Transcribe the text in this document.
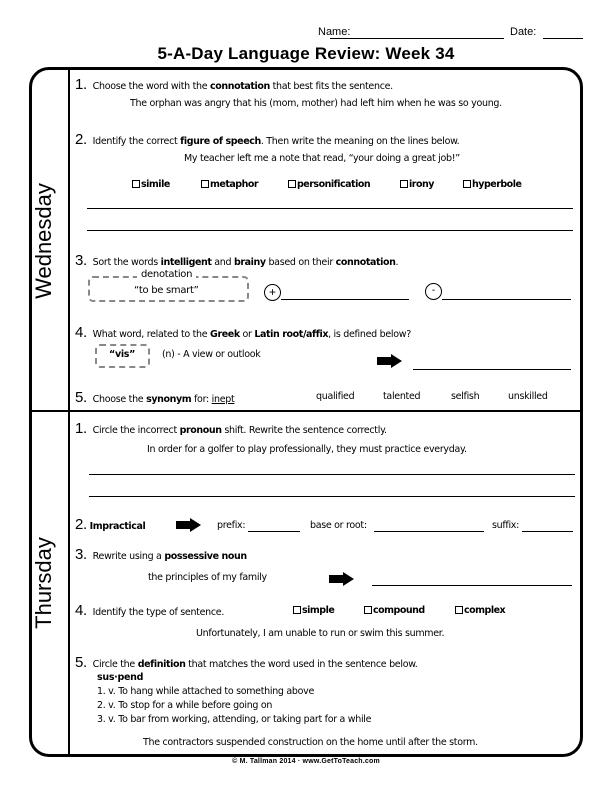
Name:	Date:
5-A-Day Language Review: Week 34
Wednesday
Thursday
1. Choose the word with the connotation that best fits the sentence.
The orphan was angry that his (mom, mother) had left him when he was so young.
2. Identify the correct figure of speech. Then write the meaning on the lines below.
My teacher left me a note that read, “your doing a great job!”
simile	metaphor	personification	irony	hyperbole
3. Sort the words intelligent and brainy based on their connotation.
denotation
“to be smart”	+	-
4. What word, related to the Greek or Latin root/affix, is defined below?
“vis”	(n) - A view or outlook
5. Choose the synonym for: inept	qualified	talented	selfish	unskilled
1. Circle the incorrect pronoun shift. Rewrite the sentence correctly.
In order for a golfer to play professionally, they must practice everyday.
2. Impractical	prefix:	base or root:	suffix:
3. Rewrite using a possessive noun
the principles of my family
4. Identify the type of sentence.	simple	compound	complex
Unfortunately, I am unable to run or swim this summer.
5. Circle the definition that matches the word used in the sentence below.
sus·pend
1. v. To hang while attached to something above
2. v. To stop for a while before going on
3. v. To bar from working, attending, or taking part for a while
The contractors suspended construction on the home until after the storm.
© M. Tallman 2014 · www.GetToTeach.com
